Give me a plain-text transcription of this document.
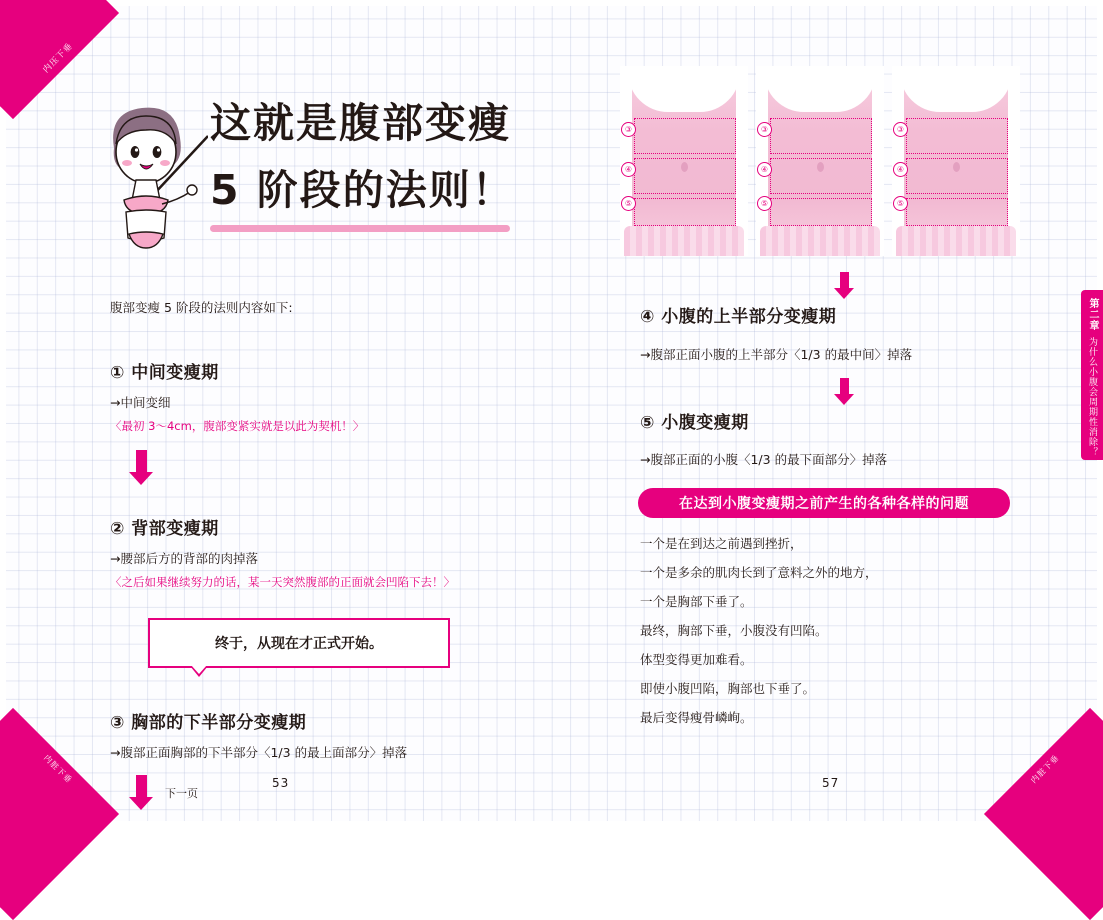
内压下垂
内脏下垂	内脏下垂
第二章
为什么小腹会周期性消除？
这就是腹部变瘦
5 阶段的法则！
腹部变瘦 5 阶段的法则内容如下:
① 中间变瘦期
→中间变细
〈最初 3～4cm，腹部变紧实就是以此为契机！〉
② 背部变瘦期
→腰部后方的背部的肉掉落
〈之后如果继续努力的话，某一天突然腹部的正面就会凹陷下去！〉
终于，从现在才正式开始。
③ 胸部的下半部分变瘦期
→腹部正面胸部的下半部分〈1/3 的最上面部分〉掉落
下一页
53
③
④
⑤
③
④
⑤
③
④
⑤
④ 小腹的上半部分变瘦期
→腹部正面小腹的上半部分〈1/3 的最中间〉掉落
⑤ 小腹变瘦期
→腹部正面的小腹〈1/3 的最下面部分〉掉落
在达到小腹变瘦期之前产生的各种各样的问题
一个是在到达之前遇到挫折，
一个是多余的肌肉长到了意料之外的地方，
一个是胸部下垂了。
最终，胸部下垂，小腹没有凹陷。
体型变得更加难看。
即使小腹凹陷，胸部也下垂了。
最后变得瘦骨嶙峋。
57
